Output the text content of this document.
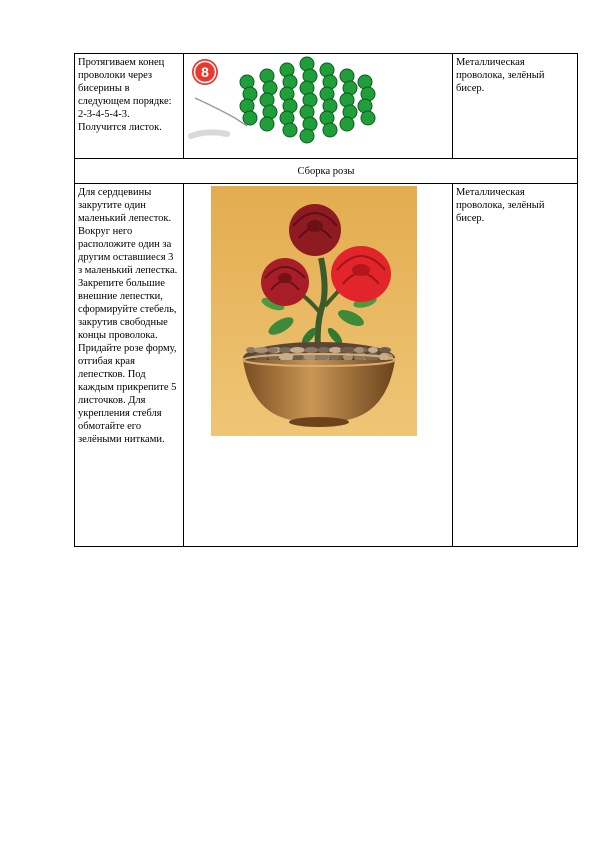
Протягиваем конец проволоки через бисерины в следующем порядке: 2-3-4-5-4-3. Получится листок.	8	Металлическая проволока, зелёный бисер.
Сборка розы		
Для сердцевины закрутите один маленький лепесток. Вокруг него расположите один за другим оставшиеся 3 з маленький лепестка. Закрепите большие внешние лепестки, сформируйте стебель, закрутив свободные концы проволока. Придайте розе форму, отгибая края лепестков. Под каждым прикрепите 5 листочков. Для укрепления стебля обмотайте его зелёными нитками.		Металлическая проволока, зелёный бисер.
